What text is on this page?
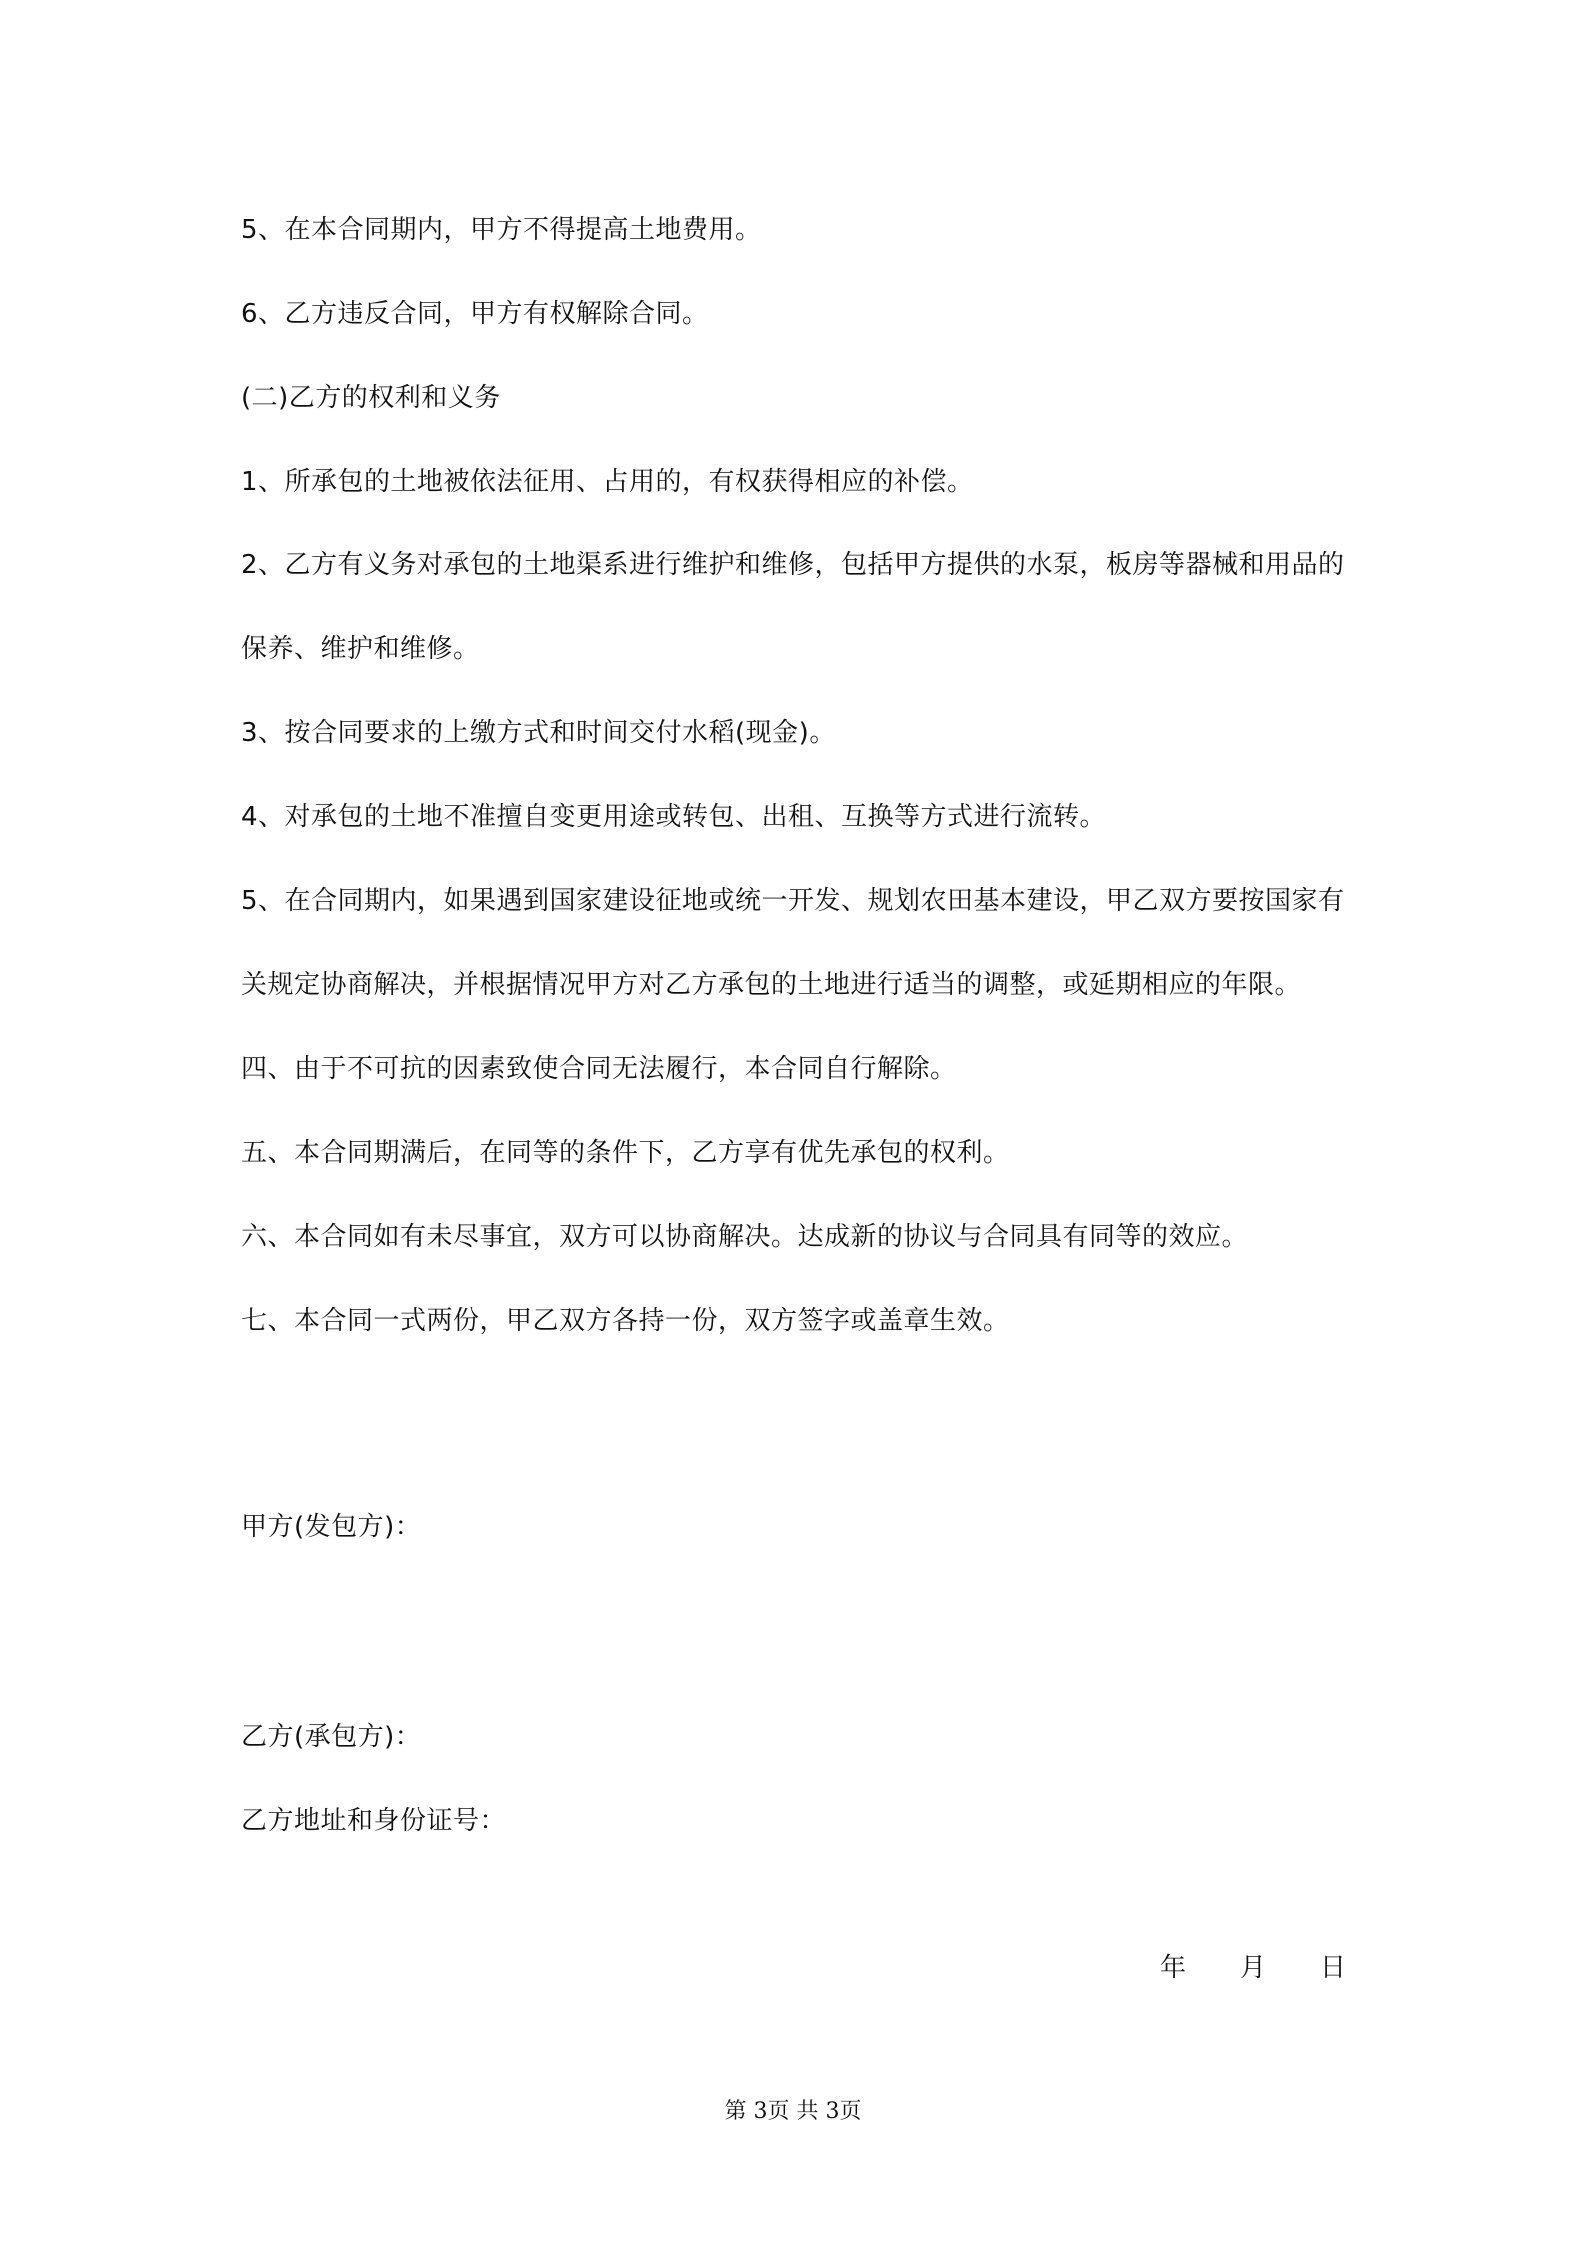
5、在本合同期内，甲方不得提高土地费用。
6、乙方违反合同，甲方有权解除合同。
(二)乙方的权利和义务
1、所承包的土地被依法征用、占用的，有权获得相应的补偿。
2、乙方有义务对承包的土地渠系进行维护和维修，包括甲方提供的水泵，板房等器械和用品的
保养、维护和维修。
3、按合同要求的上缴方式和时间交付水稻(现金)。
4、对承包的土地不准擅自变更用途或转包、出租、互换等方式进行流转。
5、在合同期内，如果遇到国家建设征地或统一开发、规划农田基本建设，甲乙双方要按国家有
关规定协商解决，并根据情况甲方对乙方承包的土地进行适当的调整，或延期相应的年限。
四、由于不可抗的因素致使合同无法履行，本合同自行解除。
五、本合同期满后，在同等的条件下，乙方享有优先承包的权利。
六、本合同如有未尽事宜，双方可以协商解决。达成新的协议与合同具有同等的效应。
七、本合同一式两份，甲乙双方各持一份，双方签字或盖章生效。
甲方(发包方)：
乙方(承包方)：
乙方地址和身份证号：
年 月 日
第 3页 共 3页
